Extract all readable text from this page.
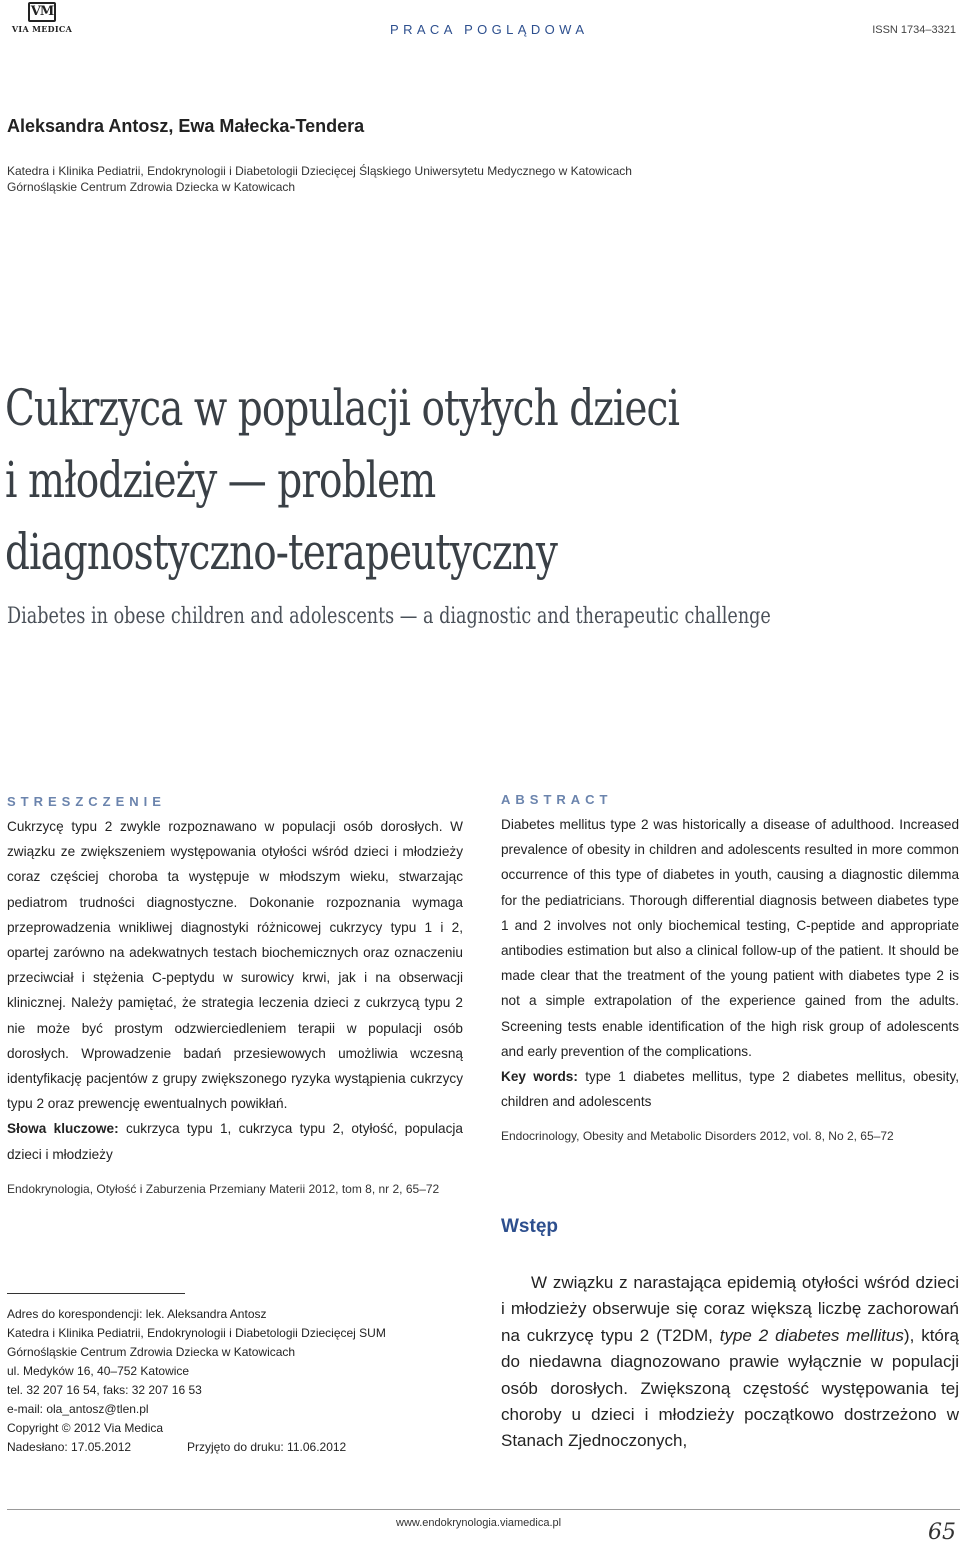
VM
VIA MEDICA	PRACA POGLĄDOWA	ISSN 1734–3321
Aleksandra Antosz, Ewa Małecka-Tendera
Katedra i Klinika Pediatrii, Endokrynologii i Diabetologii Dziecięcej Śląskiego Uniwersytetu Medycznego w Katowicach
Górnośląskie Centrum Zdrowia Dziecka w Katowicach
Cukrzyca w populacji otyłych dzieci
i młodzieży — problem
diagnostyczno-terapeutyczny
Diabetes in obese children and adolescents — a diagnostic and therapeutic challenge
STRESZCZENIE
Cukrzycę typu 2 zwykle rozpoznawano w populacji osób dorosłych. W związku ze zwiększeniem występowania otyłości wśród dzieci i młodzieży coraz częściej choroba ta występuje w młodszym wieku, stwarzając pediatrom trudności diagnostyczne. Dokonanie rozpoznania wymaga przeprowadzenia wnikliwej diagnostyki różnicowej cukrzycy typu 1 i 2, opartej zarówno na adekwatnych testach biochemicznych oraz oznaczeniu przeciwciał i stężenia C-peptydu w surowicy krwi, jak i na obserwacji klinicznej. Należy pamiętać, że strategia leczenia dzieci z cukrzycą typu 2 nie może być prostym odzwierciedleniem terapii w populacji osób dorosłych. Wprowadzenie badań przesiewowych umożliwia wczesną identyfikację pacjentów z grupy zwiększonego ryzyka wystąpienia cukrzycy typu 2 oraz prewencję ewentualnych powikłań.
Słowa kluczowe: cukrzyca typu 1, cukrzyca typu 2, otyłość, populacja dzieci i młodzieży
Endokrynologia, Otyłość i Zaburzenia Przemiany Materii 2012, tom 8, nr 2, 65–72
ABSTRACT
Diabetes mellitus type 2 was historically a disease of adulthood. Increased prevalence of obesity in children and adolescents resulted in more common occurrence of this type of diabetes in youth, causing a diagnostic dilemma for the pediatricians. Thorough differential diagnosis between diabetes type 1 and 2 involves not only biochemical testing, C-peptide and appropriate antibodies estimation but also a clinical follow-up of the patient. It should be made clear that the treatment of the young patient with diabetes type 2 is not a simple extrapolation of the experience gained from the adults. Screening tests enable identification of the high risk group of adolescents and early prevention of the complications.
Key words: type 1 diabetes mellitus, type 2 diabetes mellitus, obesity, children and adolescents
Endocrinology, Obesity and Metabolic Disorders 2012, vol. 8, No 2, 65–72
Adres do korespondencji: lek. Aleksandra Antosz
Katedra i Klinika Pediatrii, Endokrynologii i Diabetologii Dziecięcej SUM
Górnośląskie Centrum Zdrowia Dziecka w Katowicach
ul. Medyków 16, 40–752 Katowice
tel. 32 207 16 54, faks: 32 207 16 53
e-mail: ola_antosz@tlen.pl
Copyright © 2012 Via Medica
Nadesłano: 17.05.2012	Przyjęto do druku: 11.06.2012
Wstęp
W związku z narastająca epidemią otyłości wśród dzieci i młodzieży obserwuje się coraz większą liczbę zachorowań na cukrzycę typu 2 (T2DM, type 2 diabetes mellitus), którą do niedawna diagnozowano prawie wyłącznie w populacji osób dorosłych. Zwiększoną częstość występowania tej choroby u dzieci i młodzieży początkowo dostrzeżono w Stanach Zjednoczonych,
www.endokrynologia.viamedica.pl	65
